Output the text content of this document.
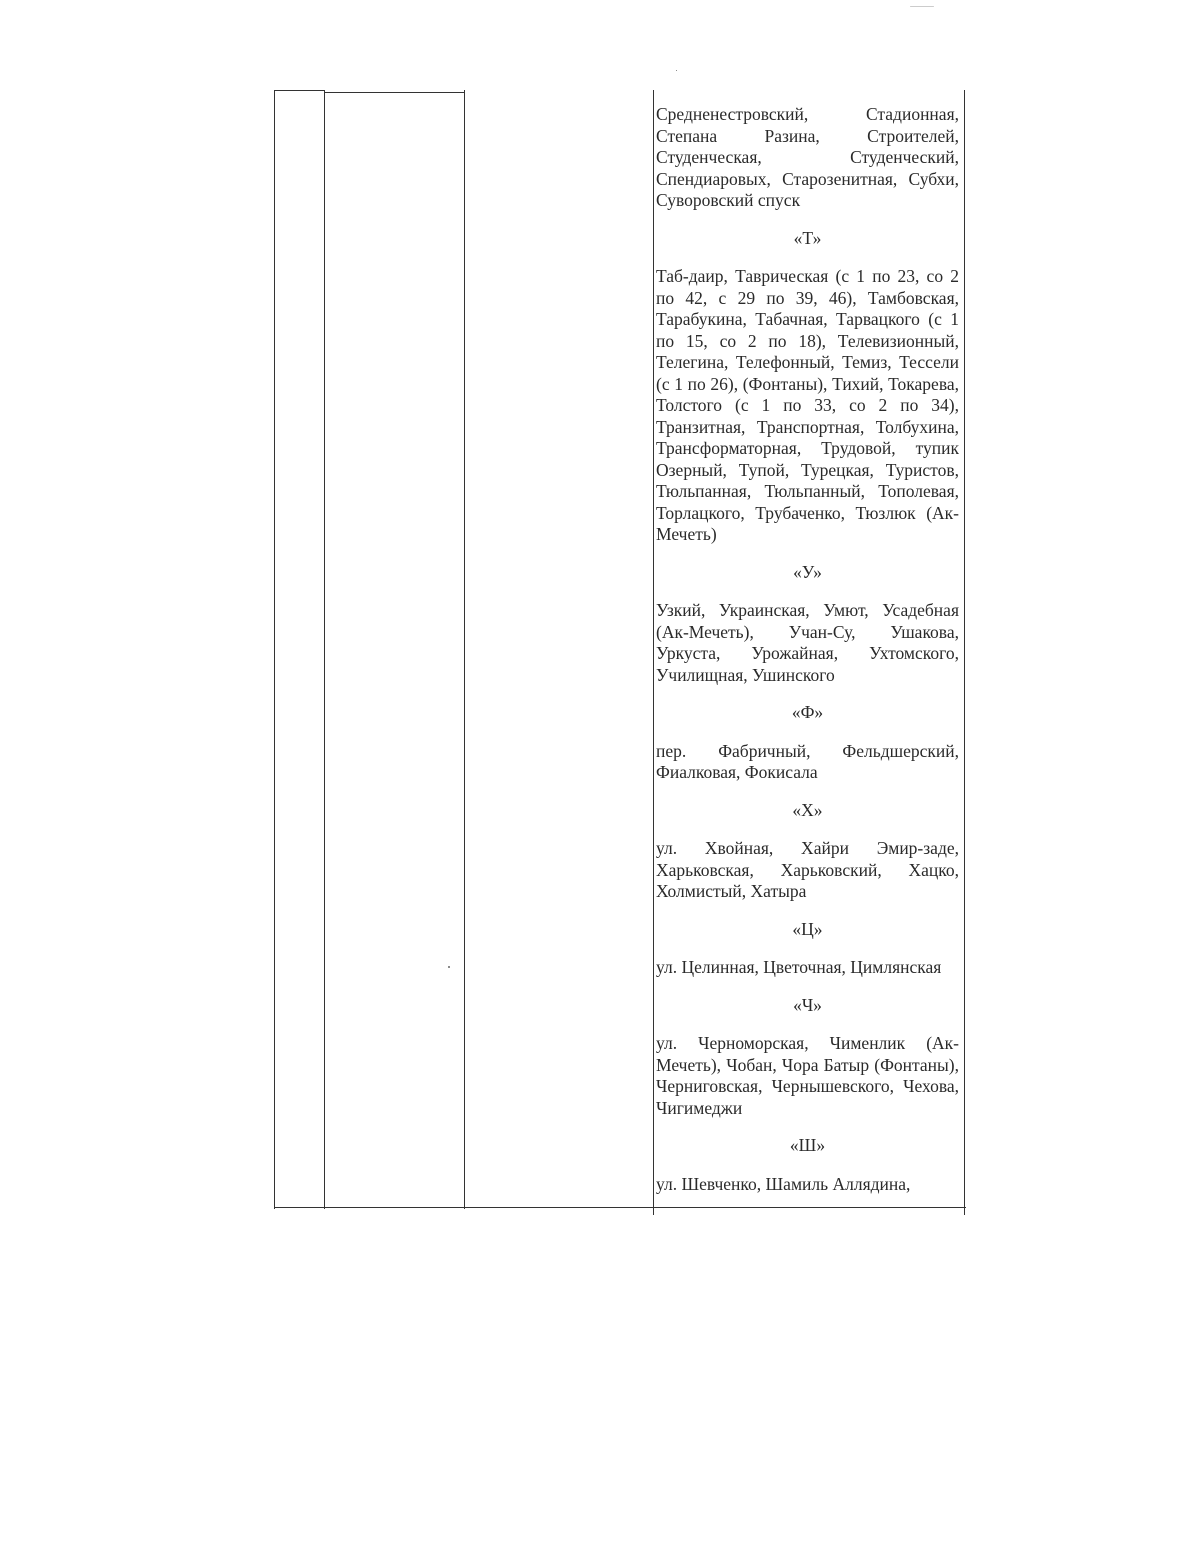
Средненестровский, Стадионная, Степана Разина, Строителей, Студенческая, Студенческий, Спендиаровых, Старозенитная, Субхи, Суворовский спуск

«Т»

Таб-даир, Таврическая (с 1 по 23, со 2 по 42, с 29 по 39, 46), Тамбовская, Тарабукина, Табачная, Тарвацкого (с 1 по 15, со 2 по 18), Телевизионный, Телегина, Телефонный, Темиз, Тессели (с 1 по 26), (Фонтаны), Тихий, Токарева, Толстого (с 1 по 33, со 2 по 34), Транзитная, Транспортная, Толбухина, Трансформаторная, Трудовой, тупик Озерный, Тупой, Турецкая, Туристов, Тюльпанная, Тюльпанный, Тополевая, Торлацкого, Трубаченко, Тюзлюк (Ак-Мечеть)

«У»

Узкий, Украинская, Умют, Усадебная (Ак-Мечеть), Учан-Су, Ушакова, Уркуста, Урожайная, Ухтомского, Училищная, Ушинского

«Ф»

пер. Фабричный, Фельдшерский, Фиалковая, Фокисала

«Х»

ул. Хвойная, Хайри Эмир-заде, Харьковская, Харьковский, Хацко, Холмистый, Хатыра

«Ц»

ул. Целинная, Цветочная, Цимлянская

«Ч»

ул. Черноморская, Чименлик (Ак-Мечеть), Чобан, Чора Батыр (Фонтаны), Черниговская, Чернышевского, Чехова, Чигимеджи

«Ш»

ул. Шевченко, Шамиль Аллядина,
